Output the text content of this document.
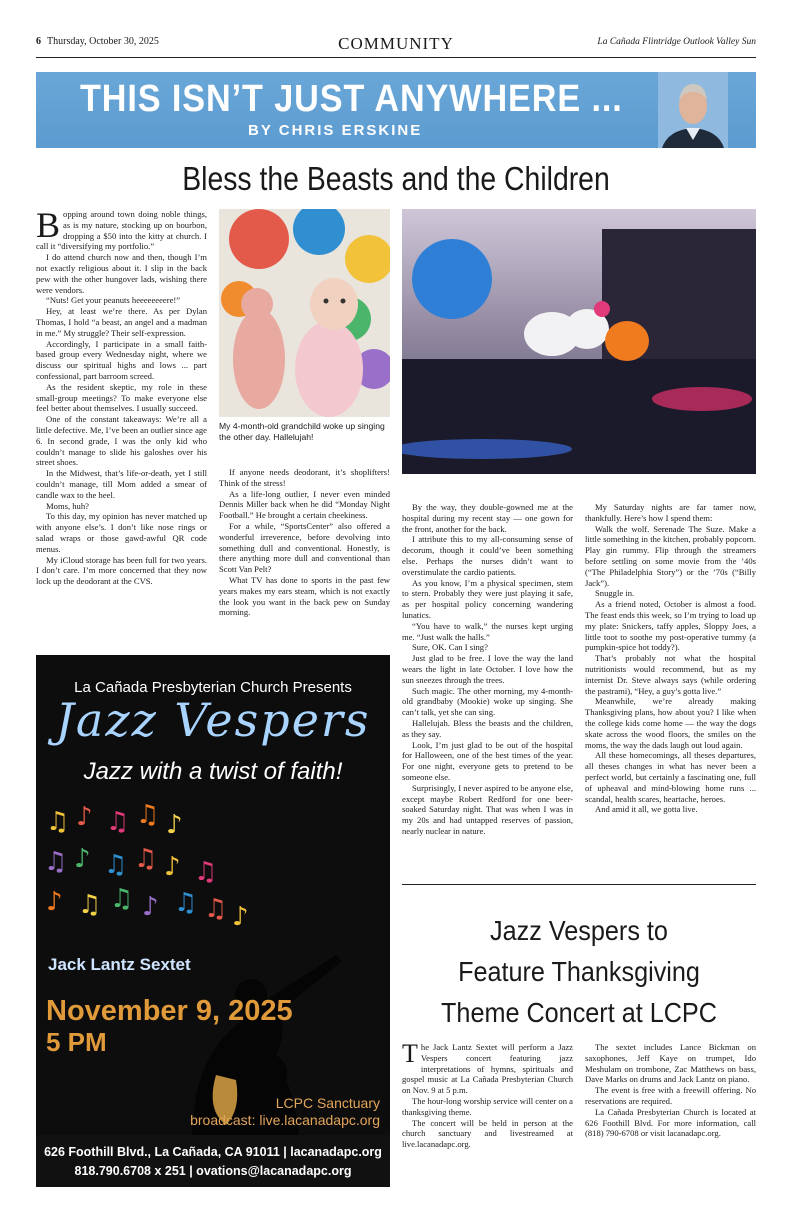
6 Thursday, October 30, 2025	COMMUNITY	La Cañada Flintridge Outlook Valley Sun
THIS ISN’T JUST ANYWHERE ...
BY CHRIS ERSKINE
Bless the Beasts and the Children

Bopping around town doing noble things, as is my nature, stocking up on bourbon, dropping a $50 into the kitty at church. I call it “diversifying my portfolio.”

I do attend church now and then, though I’m not exactly religious about it. I slip in the back pew with the other hungover lads, wishing there were vendors.

“Nuts! Get your peanuts heeeeeeeere!”

Hey, at least we’re there. As per Dylan Thomas, I hold “a beast, an angel and a madman in me.” My struggle? Their self-expression.

Accordingly, I participate in a small faith-based group every Wednesday night, where we discuss our spiritual highs and lows ... part confessional, part barroom screed.

As the resident skeptic, my role in these small-group meetings? To make everyone else feel better about themselves. I usually succeed.

One of the constant takeaways: We’re all a little defective. Me, I’ve been an outlier since age 6. In second grade, I was the only kid who couldn’t manage to slide his galoshes over his street shoes.

In the Midwest, that’s life-or-death, yet I still couldn’t manage, till Mom added a smear of candle wax to the heel.

Moms, huh?

To this day, my opinion has never matched up with anyone else’s. I don’t like nose rings or salad wraps or those gawd-awful QR code menus.

My iCloud storage has been full for two years. I don’t care. I’m more concerned that they now lock up the deodorant at the CVS.

My 4-month-old grandchild woke up singing the other day. Hallelujah!

If anyone needs deodorant, it’s shoplifters! Think of the stress!

As a life-long outlier, I never even minded Dennis Miller back when he did “Monday Night Football.” He brought a certain cheekiness.

For a while, “SportsCenter” also offered a wonderful irreverence, before devolving into something dull and conventional. Honestly, is there anything more dull and conventional than Scott Van Pelt?

What TV has done to sports in the past few years makes my ears steam, which is not exactly the look you want in the back pew on Sunday morning.

By the way, they double-gowned me at the hospital during my recent stay — one gown for the front, another for the back.

I attribute this to my all-consuming sense of decorum, though it could’ve been something else. Perhaps the nurses didn’t want to overstimulate the cardio patients.

As you know, I’m a physical specimen, stem to stern. Probably they were just playing it safe, as per hospital policy concerning wandering lunatics.

“You have to walk,” the nurses kept urging me. “Just walk the halls.”

Sure, OK. Can I sing?

Just glad to be free. I love the way the land wears the light in late October. I love how the sun sneezes through the trees.

Such magic. The other morning, my 4-month-old grandbaby (Mookie) woke up singing. She can’t talk, yet she can sing.

Hallelujah. Bless the beasts and the children, as they say.

Look, I’m just glad to be out of the hospital for Halloween, one of the best times of the year. For one night, everyone gets to pretend to be someone else.

Surprisingly, I never aspired to be anyone else, except maybe Robert Redford for one beer-soaked Saturday night. That was when I was in my 20s and had untapped reserves of passion, nearly nuclear in nature.

My Saturday nights are far tamer now, thankfully. Here’s how I spend them:

Walk the wolf. Serenade The Suze. Make a little something in the kitchen, probably popcorn. Play gin rummy. Flip through the streamers before settling on some movie from the ’40s (“The Philadelphia Story”) or the ’70s (“Billy Jack”).

Snuggle in.

As a friend noted, October is almost a food. The feast ends this week, so I’m trying to load up my plate: Snickers, taffy apples, Sloppy Joes, a little toot to soothe my post-operative tummy (a pumpkin-spice hot toddy?).

That’s probably not what the hospital nutritionists would recommend, but as my internist Dr. Steve always says (while ordering the pastrami), “Hey, a guy’s gotta live.”

Meanwhile, we’re already making Thanksgiving plans, how about you? I like when the college kids come home — the way the dogs skate across the wood floors, the smiles on the moms, the way the dads laugh out loud again.

All these homecomings, all theses departures, all theses changes in what has never been a perfect world, but certainly a fascinating one, full of upheaval and mind-blowing home runs ... scandal, health scares, heartache, heroes.

And amid it all, we gotta live.

La Cañada Presbyterian Church Presents
Jazz Vespers
Jazz with a twist of faith!
♫ ♪ ♫ ♫ ♪
♫ ♪ ♫ ♫ ♪ ♫
♪ ♫ ♫ ♪ ♫ ♫ ♪
Jack Lantz Sextet
November 9, 2025
5 PM
LCPC Sanctuary
broadcast: live.lacanadapc.org
626 Foothill Blvd., La Cañada, CA 91011 | lacanadapc.org
818.790.6708 x 251 | ovations@lacanadapc.org
Jazz Vespers to
Feature Thanksgiving
Theme Concert at LCPC

The Jack Lantz Sextet will perform a Jazz Vespers concert featuring jazz interpretations of hymns, spirituals and gospel music at La Cañada Presbyterian Church on Nov. 9 at 5 p.m.

The hour-long worship service will center on a thanksgiving theme.

The concert will be held in person at the church sanctuary and livestreamed at live.lacanadapc.org.

The sextet includes Lance Bickman on saxophones, Jeff Kaye on trumpet, Ido Meshulam on trombone, Zac Matthews on bass, Dave Marks on drums and Jack Lantz on piano.

The event is free with a freewill offering. No reservations are required.

La Cañada Presbyterian Church is located at 626 Foothill Blvd. For more information, call (818) 790-6708 or visit lacanadapc.org.
